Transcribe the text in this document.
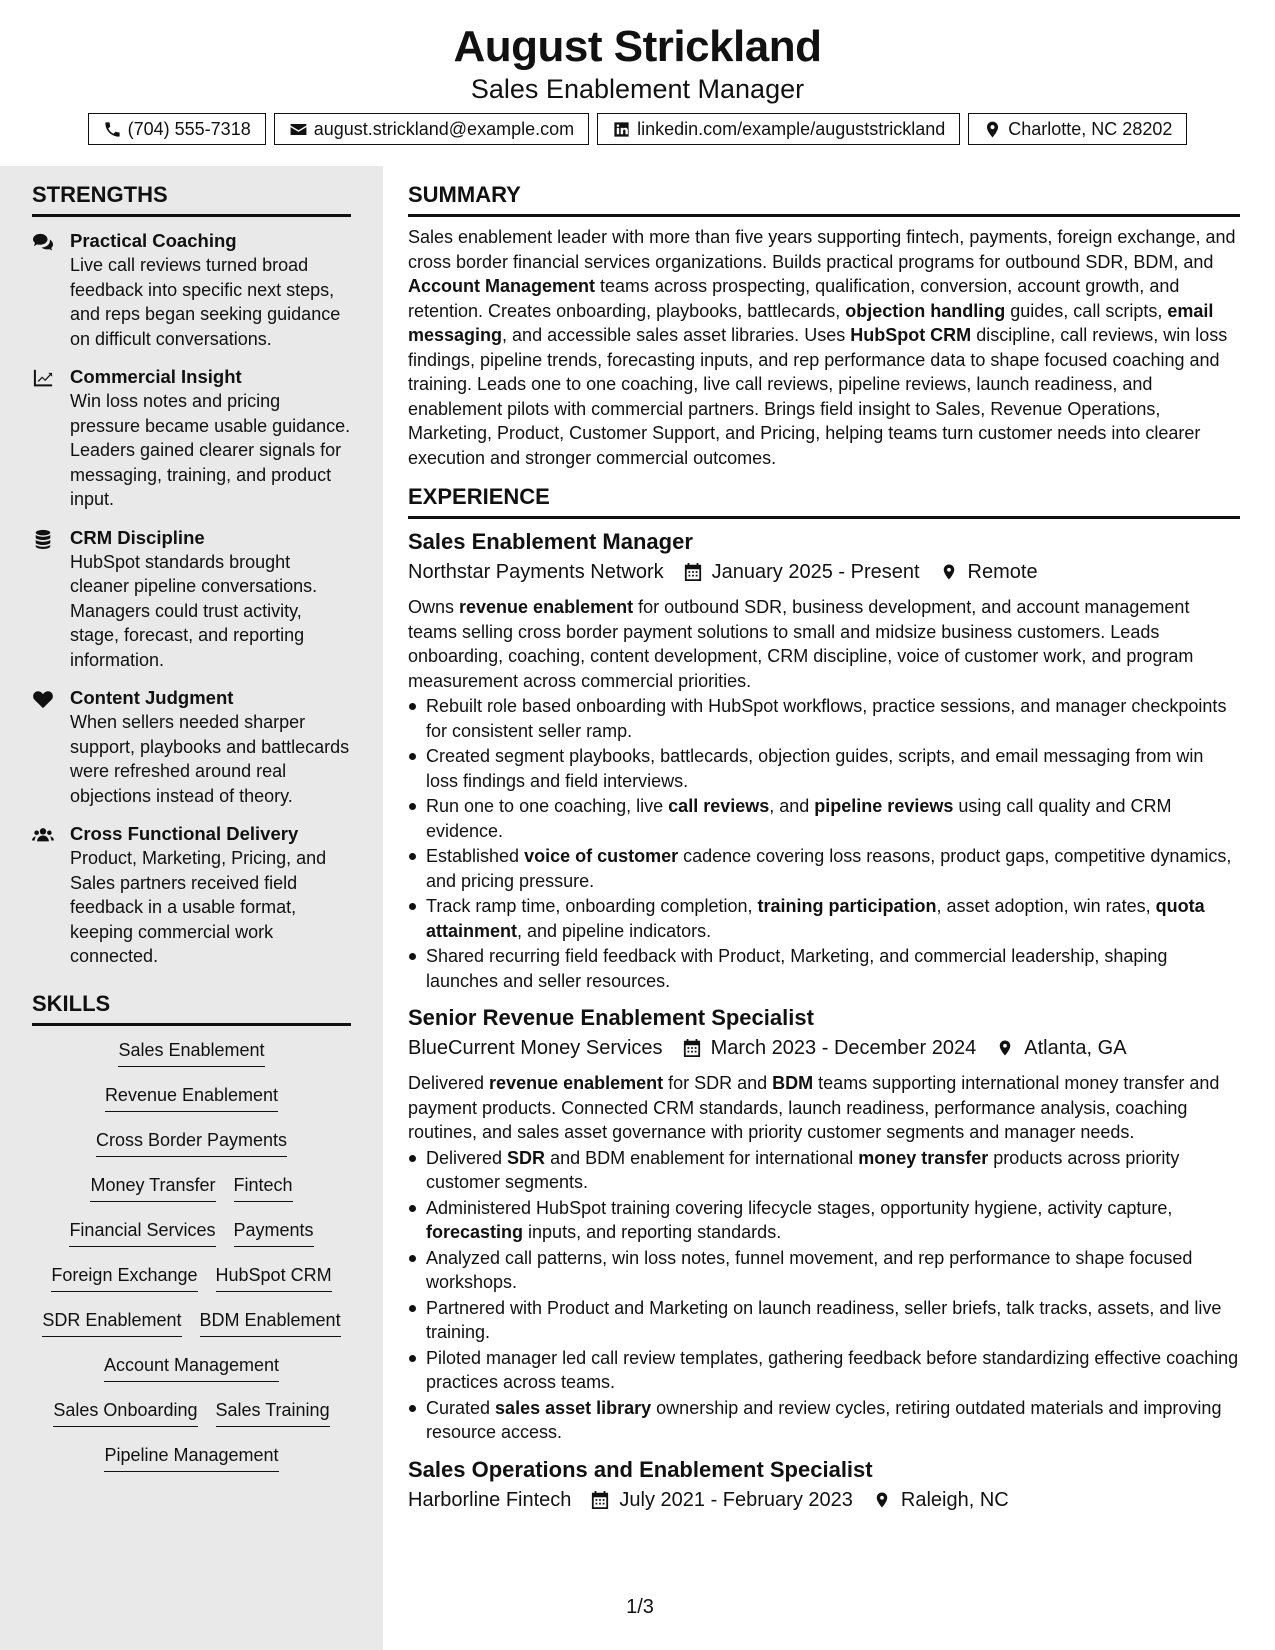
August Strickland
Sales Enablement Manager
(704) 555-7318	august.strickland@example.com	linkedin.com/example/auguststrickland	Charlotte, NC 28202
STRENGTHS
Practical Coaching
Live call reviews turned broad feedback into specific next steps, and reps began seeking guidance on difficult conversations.
Commercial Insight
Win loss notes and pricing pressure became usable guidance. Leaders gained clearer signals for messaging, training, and product input.
CRM Discipline
HubSpot standards brought cleaner pipeline conversations. Managers could trust activity, stage, forecast, and reporting information.
Content Judgment
When sellers needed sharper support, playbooks and battlecards were refreshed around real objections instead of theory.
Cross Functional Delivery
Product, Marketing, Pricing, and Sales partners received field feedback in a usable format, keeping commercial work connected.
SKILLS
Sales Enablement
Revenue Enablement
Cross Border Payments
Money Transfer Fintech
Financial Services Payments
Foreign Exchange HubSpot CRM
SDR Enablement BDM Enablement
Account Management
Sales Onboarding Sales Training
Pipeline Management
SUMMARY
Sales enablement leader with more than five years supporting fintech, payments, foreign exchange, and cross border financial services organizations. Builds practical programs for outbound SDR, BDM, and Account Management teams across prospecting, qualification, conversion, account growth, and retention. Creates onboarding, playbooks, battlecards, objection handling guides, call scripts, email messaging, and accessible sales asset libraries. Uses HubSpot CRM discipline, call reviews, win loss findings, pipeline trends, forecasting inputs, and rep performance data to shape focused coaching and training. Leads one to one coaching, live call reviews, pipeline reviews, launch readiness, and enablement pilots with commercial partners. Brings field insight to Sales, Revenue Operations, Marketing, Product, Customer Support, and Pricing, helping teams turn customer needs into clearer execution and stronger commercial outcomes.
EXPERIENCE
Sales Enablement Manager
Northstar Payments Network January 2025 - Present Remote
Owns revenue enablement for outbound SDR, business development, and account management teams selling cross border payment solutions to small and midsize business customers. Leads onboarding, coaching, content development, CRM discipline, voice of customer work, and program measurement across commercial priorities.
Rebuilt role based onboarding with HubSpot workflows, practice sessions, and manager checkpoints for consistent seller ramp.
Created segment playbooks, battlecards, objection guides, scripts, and email messaging from win loss findings and field interviews.
Run one to one coaching, live call reviews, and pipeline reviews using call quality and CRM evidence.
Established voice of customer cadence covering loss reasons, product gaps, competitive dynamics, and pricing pressure.
Track ramp time, onboarding completion, training participation, asset adoption, win rates, quota attainment, and pipeline indicators.
Shared recurring field feedback with Product, Marketing, and commercial leadership, shaping launches and seller resources.
Senior Revenue Enablement Specialist
BlueCurrent Money Services March 2023 - December 2024 Atlanta, GA
Delivered revenue enablement for SDR and BDM teams supporting international money transfer and payment products. Connected CRM standards, launch readiness, performance analysis, coaching routines, and sales asset governance with priority customer segments and manager needs.
Delivered SDR and BDM enablement for international money transfer products across priority customer segments.
Administered HubSpot training covering lifecycle stages, opportunity hygiene, activity capture, forecasting inputs, and reporting standards.
Analyzed call patterns, win loss notes, funnel movement, and rep performance to shape focused workshops.
Partnered with Product and Marketing on launch readiness, seller briefs, talk tracks, assets, and live training.
Piloted manager led call review templates, gathering feedback before standardizing effective coaching practices across teams.
Curated sales asset library ownership and review cycles, retiring outdated materials and improving resource access.
Sales Operations and Enablement Specialist
Harborline Fintech July 2021 - February 2023 Raleigh, NC
1/3
